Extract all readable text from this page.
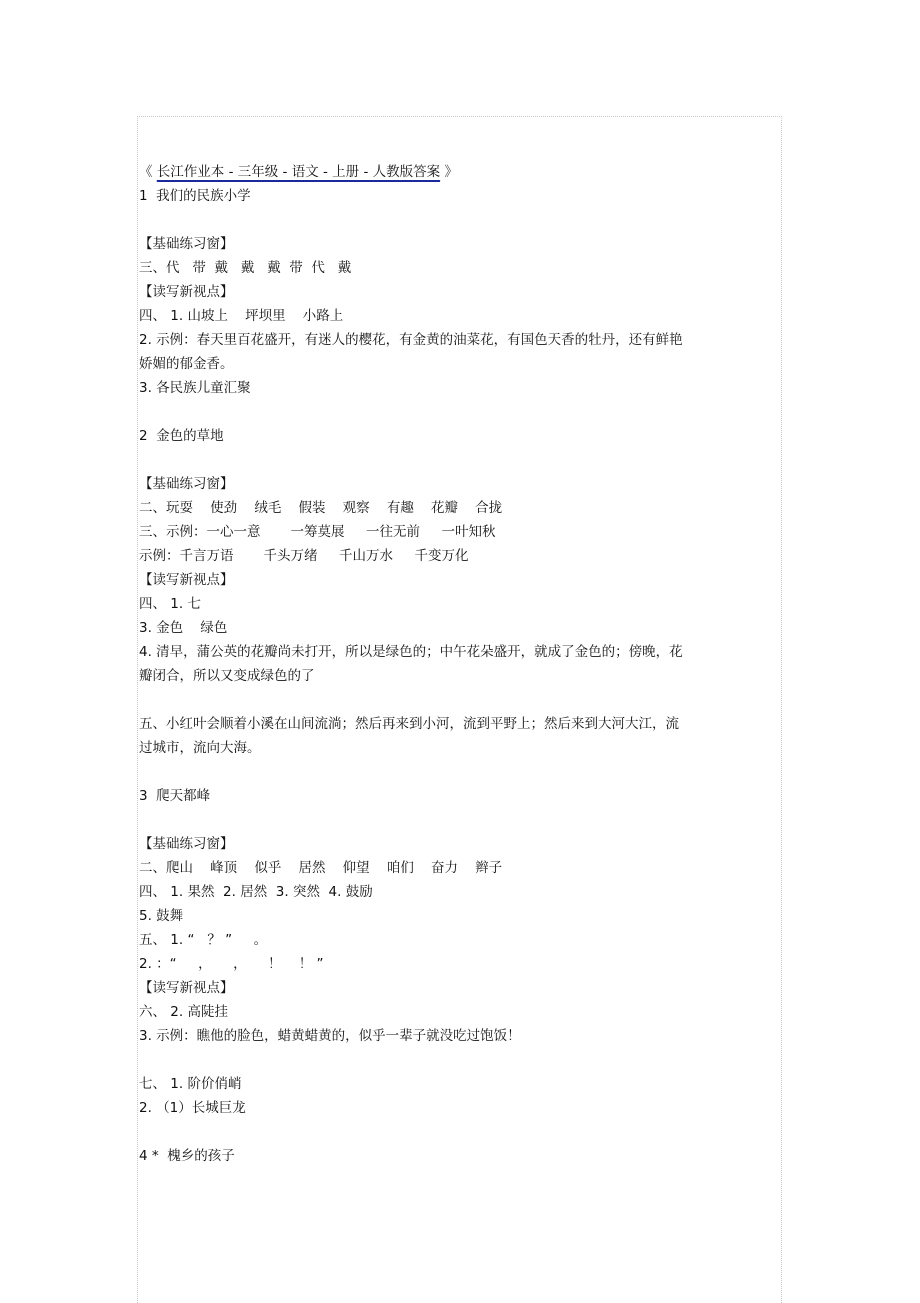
《 长江作业本 - 三年级 - 语文 - 上册 - 人教版答案 》
1  我们的民族小学
【基础练习窗】
三、代   带  戴   戴   戴  带  代   戴
【读写新视点】
四、 1. 山坡上    坪坝里    小路上
2. 示例：春天里百花盛开，有迷人的樱花，有金黄的油菜花，有国色天香的牡丹，还有鲜艳
娇媚的郁金香。
3. 各民族儿童汇聚
2  金色的草地
【基础练习窗】
二、玩耍    使劲    绒毛    假装    观察    有趣    花瓣    合拢
三、示例：一心一意       一筹莫展     一往无前     一叶知秋
示例：千言万语       千头万绪     千山万水     千变万化
【读写新视点】
四、 1. 七
3. 金色    绿色
4. 清早，蒲公英的花瓣尚未打开，所以是绿色的；中午花朵盛开，就成了金色的；傍晚，花
瓣闭合，所以又变成绿色的了
五、小红叶会顺着小溪在山间流淌；然后再来到小河，流到平野上；然后来到大河大江，流
过城市，流向大海。
3  爬天都峰
【基础练习窗】
二、爬山    峰顶    似乎    居然    仰望    咱们    奋力    辫子
四、 1. 果然  2. 居然  3. 突然  4. 鼓励
5. 鼓舞
五、 1. “   ？ ”     。
2. ：“     ，     ，     ！    ！ ”
【读写新视点】
六、 2. 高陡挂
3. 示例：瞧他的脸色，蜡黄蜡黄的，似乎一辈子就没吃过饱饭！
七、 1. 阶价俏峭
2. （1）长城巨龙
4 *  槐乡的孩子
